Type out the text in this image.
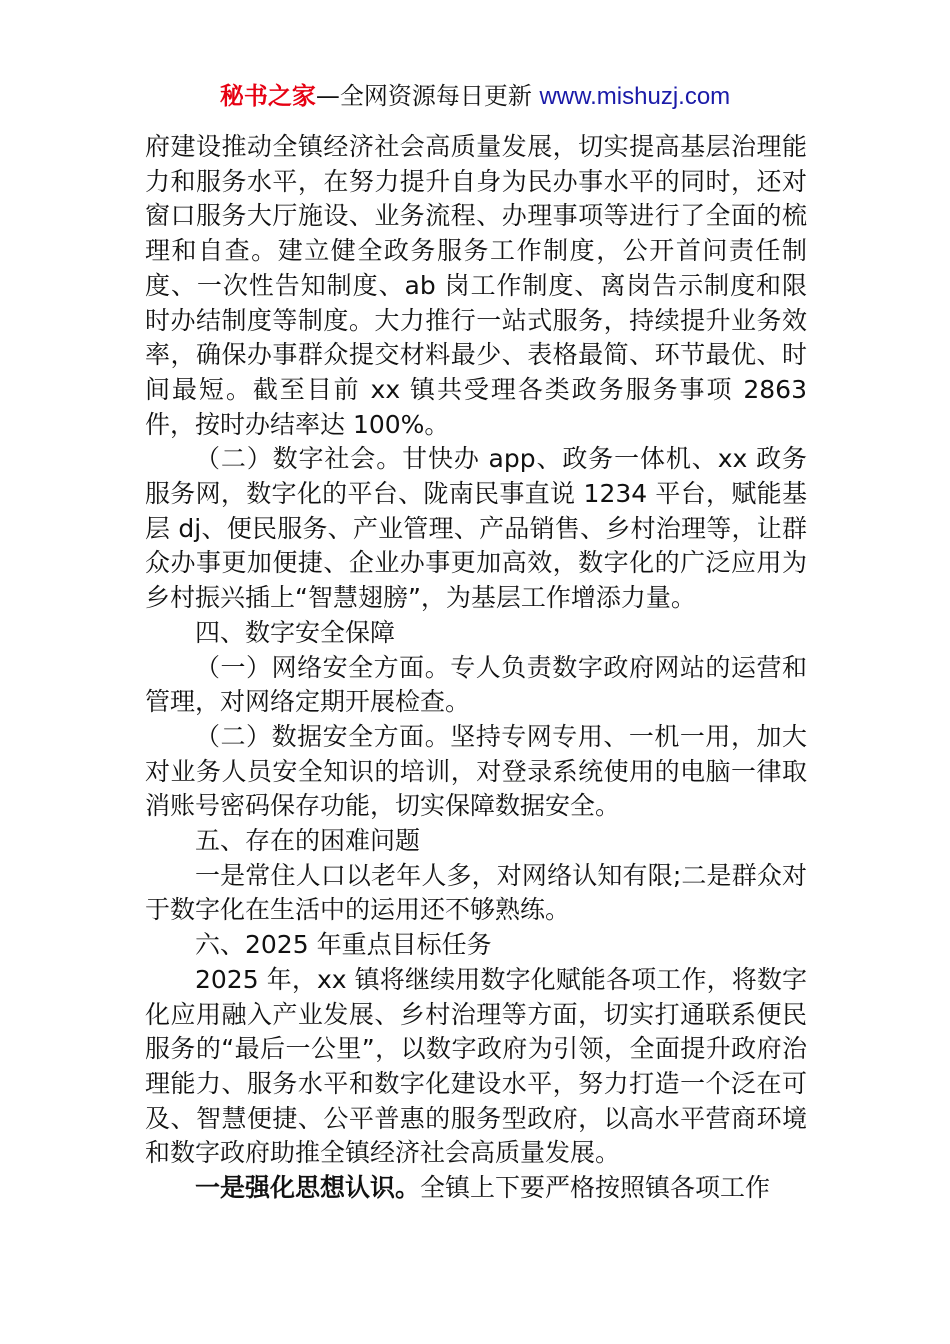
秘书之家—全网资源每日更新 www.mishuzj.com

府建设推动全镇经济社会高质量发展，切实提高基层治理能力和服务水平，在努力提升自身为民办事水平的同时，还对窗口服务大厅施设、业务流程、办理事项等进行了全面的梳理和自查。建立健全政务服务工作制度，公开首问责任制度、一次性告知制度、ab 岗工作制度、离岗告示制度和限时办结制度等制度。大力推行一站式服务，持续提升业务效率，确保办事群众提交材料最少、表格最简、环节最优、时间最短。截至目前 xx 镇共受理各类政务服务事项 2863 件，按时办结率达 100%。

（二）数字社会。甘快办 app、政务一体机、xx 政务服务网，数字化的平台、陇南民事直说 1234 平台，赋能基层 dj、便民服务、产业管理、产品销售、乡村治理等，让群众办事更加便捷、企业办事更加高效，数字化的广泛应用为乡村振兴插上“智慧翅膀”，为基层工作增添力量。

四、数字安全保障

（一）网络安全方面。专人负责数字政府网站的运营和管理，对网络定期开展检查。

（二）数据安全方面。坚持专网专用、一机一用，加大对业务人员安全知识的培训，对登录系统使用的电脑一律取消账号密码保存功能，切实保障数据安全。

五、存在的困难问题

一是常住人口以老年人多，对网络认知有限;二是群众对于数字化在生活中的运用还不够熟练。

六、2025 年重点目标任务

2025 年，xx 镇将继续用数字化赋能各项工作，将数字化应用融入产业发展、乡村治理等方面，切实打通联系便民服务的“最后一公里”，以数字政府为引领，全面提升政府治理能力、服务水平和数字化建设水平，努力打造一个泛在可及、智慧便捷、公平普惠的服务型政府，以高水平营商环境和数字政府助推全镇经济社会高质量发展。

一是强化思想认识。全镇上下要严格按照镇各项工作
